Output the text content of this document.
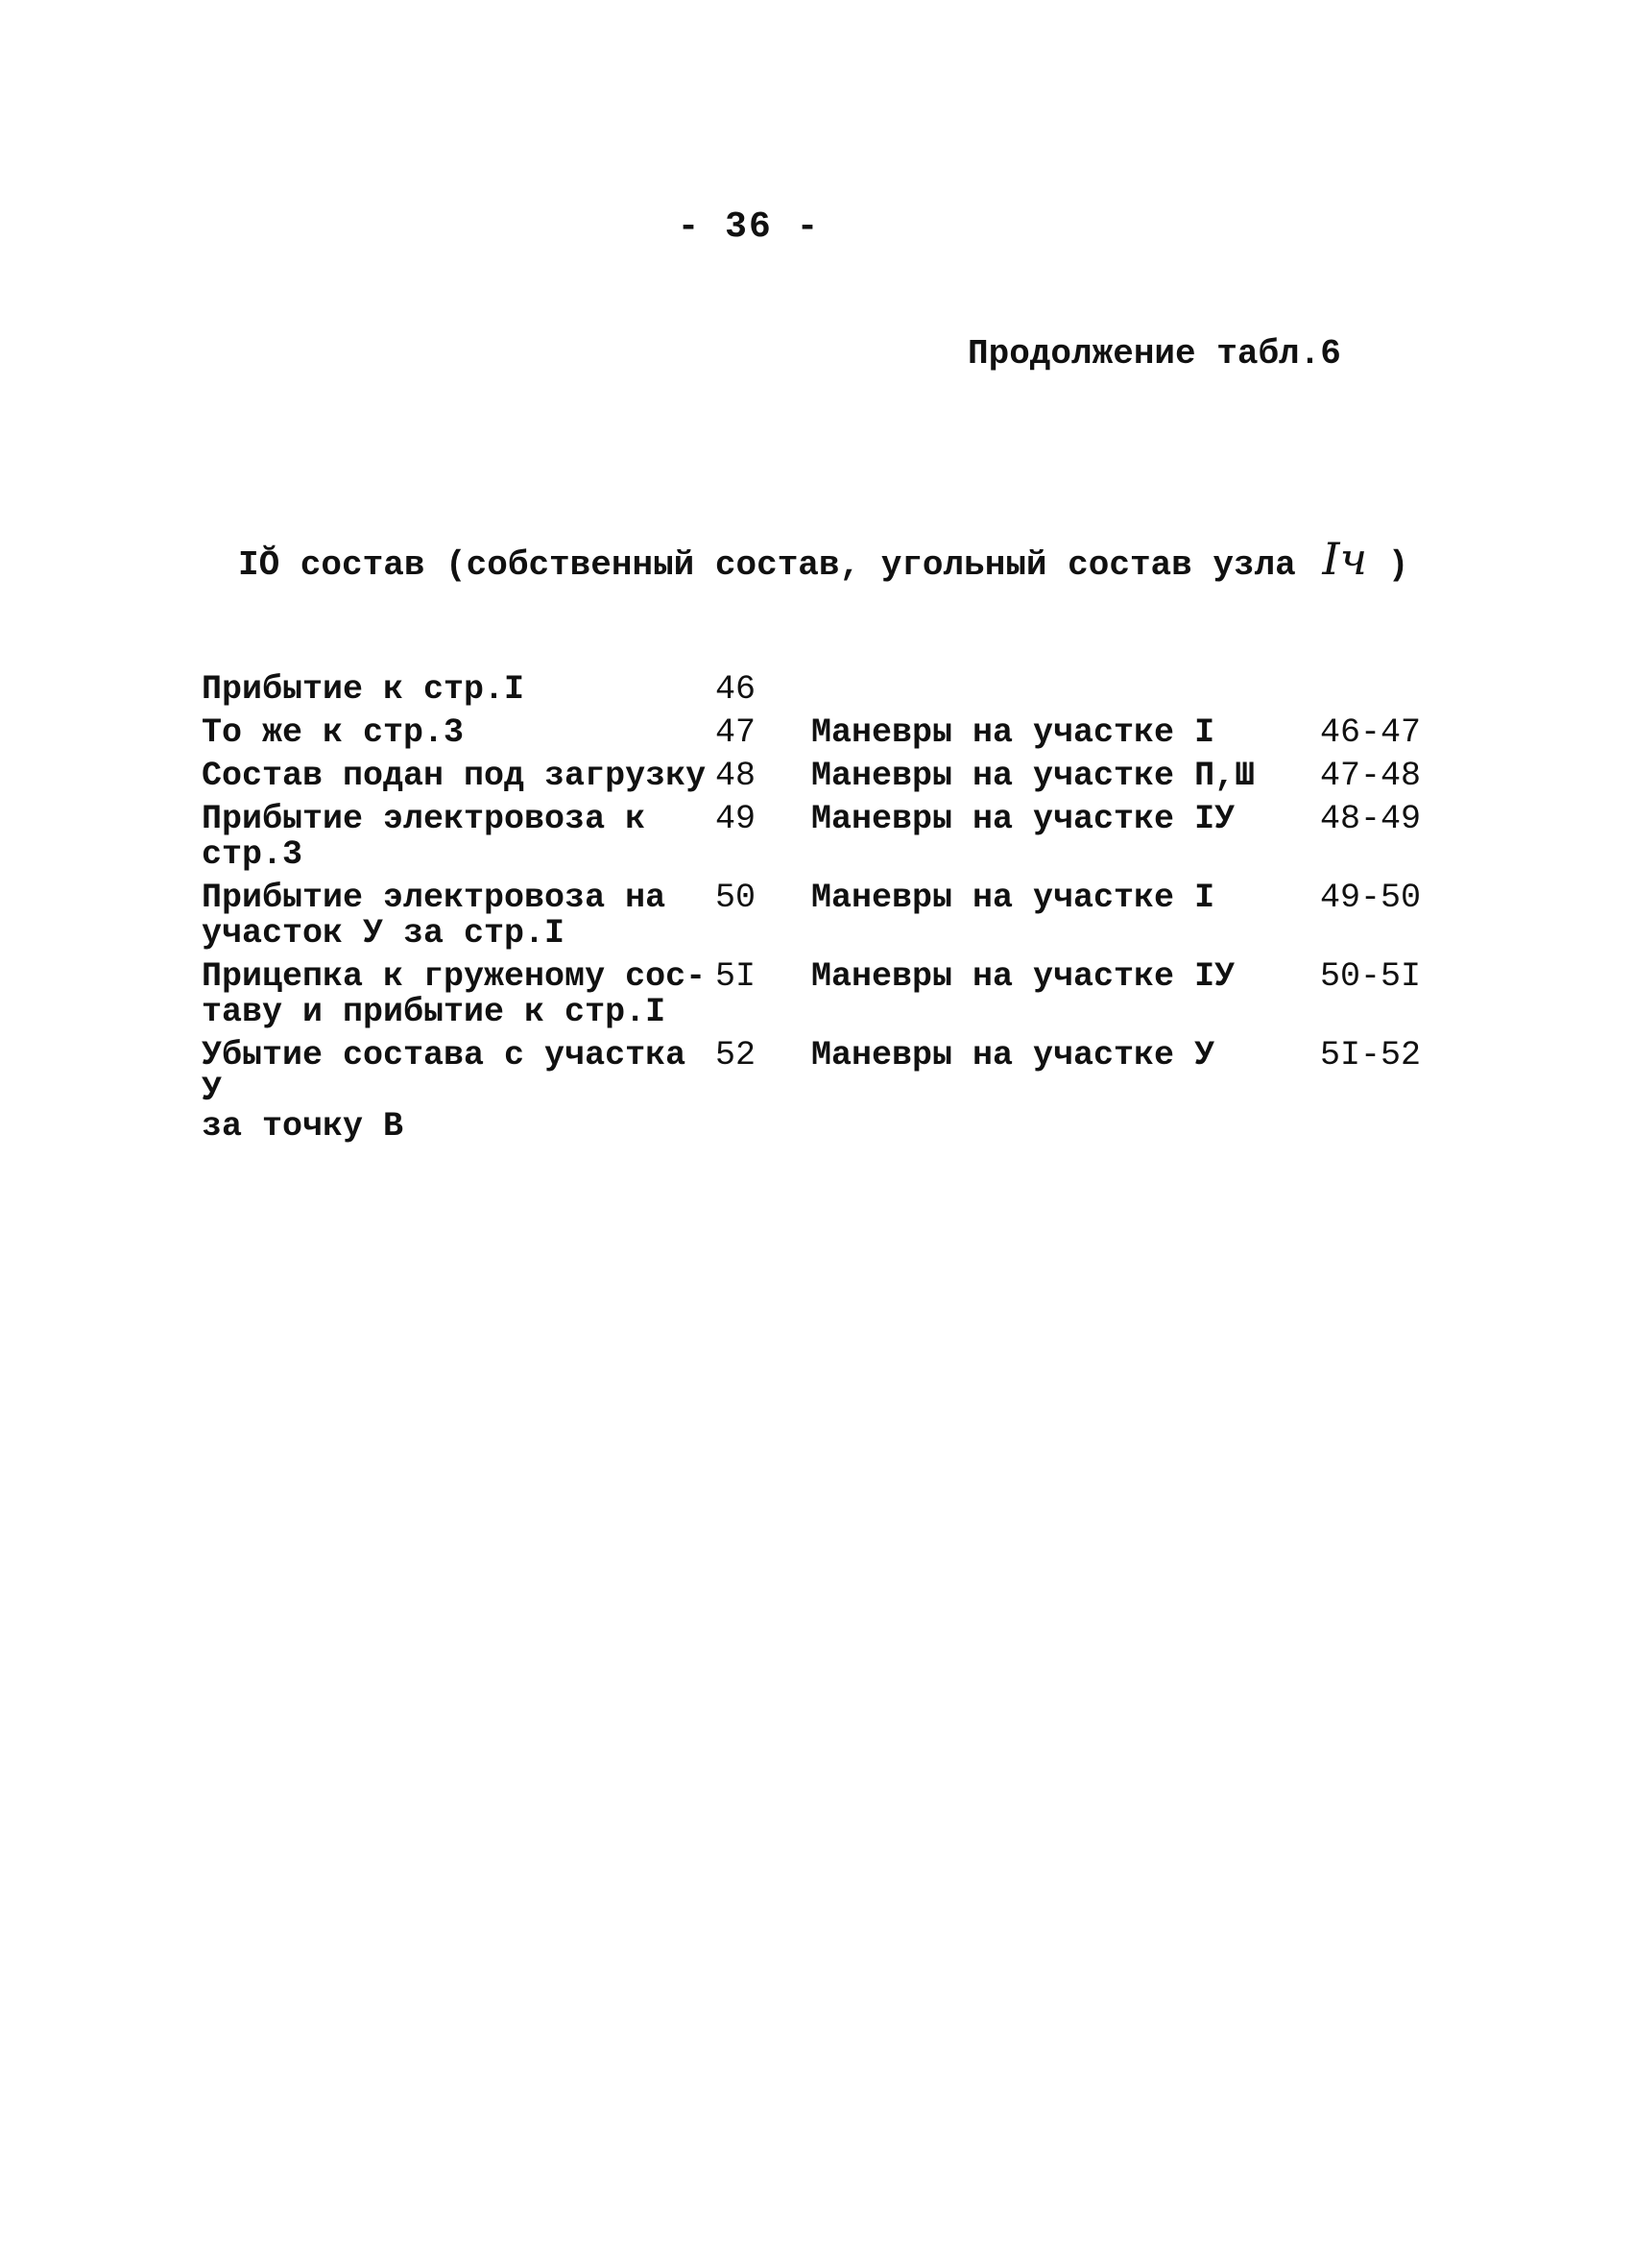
- 36 -
Продолжение табл.6
IŎ состав (собственный состав, угольный состав узла Iч )
Прибытие к стр.I	46
То же к стр.3	47	Маневры на участке I	46-47
Состав подан под загрузку 48	Маневры на участке П,Ш	47-48
Прибытие электровоза к
стр.3
49	Маневры на участке IУ	48-49
Прибытие электровоза на
участок У за стр.I
50	Маневры на участке I	49-50
Прицепка к груженому сос-
таву и прибытие к стр.I
5I	Маневры на участке IУ	50-5I
Убытие состава с участка У
за точку В
52	Маневры на участке У	5I-52
